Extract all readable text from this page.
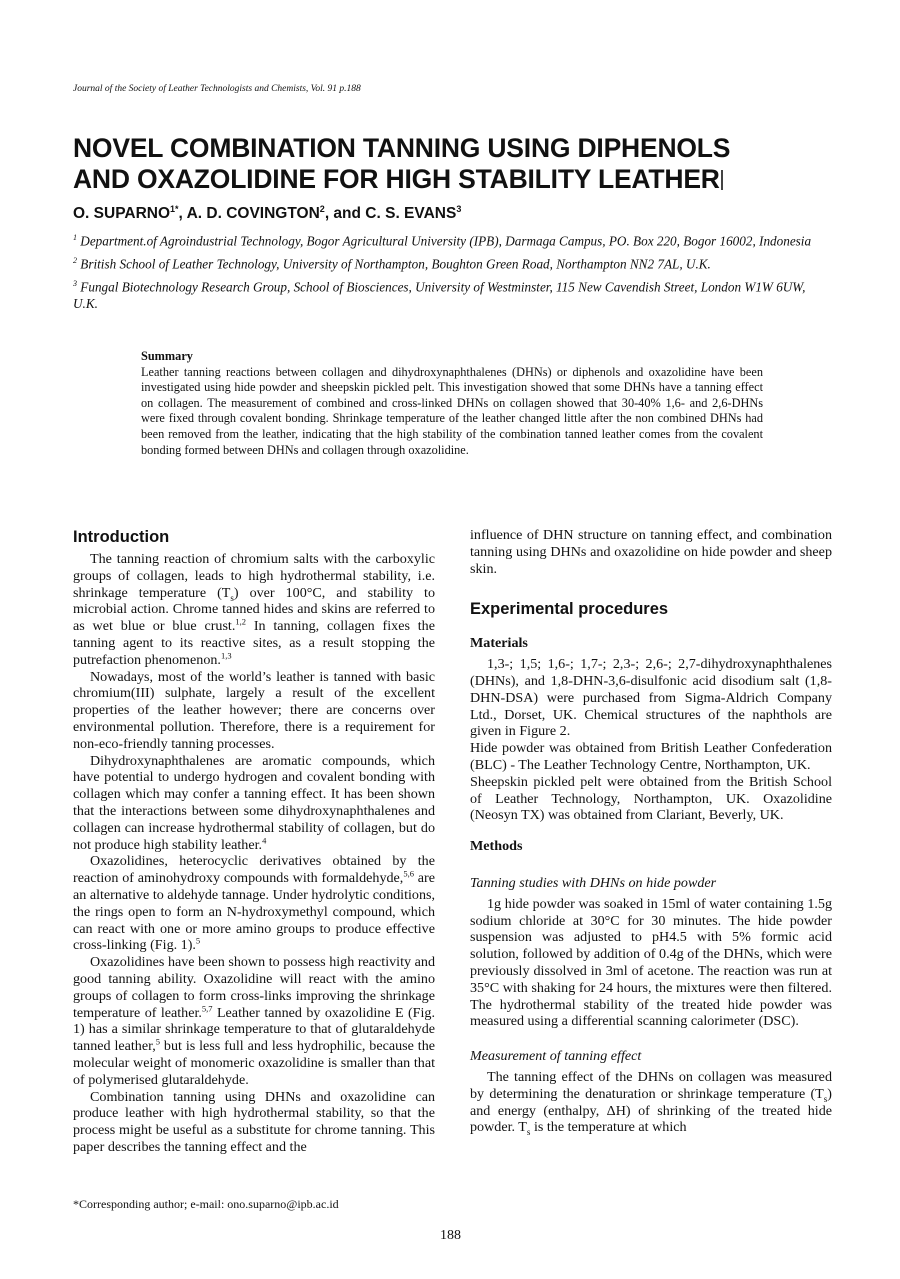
Journal of the Society of Leather Technologists and Chemists, Vol. 91 p.188
NOVEL COMBINATION TANNING USING DIPHENOLS
AND OXAZOLIDINE FOR HIGH STABILITY LEATHER
O. $SUPARNO^{1*}$, A. D. COVINGTON$^2$, and C. S. EVANS$^3$

$^1$ Department.of Agroindustrial Technology, Bogor Agricultural University (IPB), Darmaga Campus, PO. Box 220, Bogor 16002, Indonesia

$^2$ British School of Leather Technology, University of Northampton, Boughton Green Road, Northampton NN2 7AL, U.K.

$^3$ Fungal Biotechnology Research Group, School of Biosciences, University of Westminster, 115 New Cavendish Street, London W1W 6UW, U.K.

Summary
Leather tanning reactions between collagen and dihydroxynaphthalenes (DHNs) or diphenols and oxazolidine have been investigated using hide powder and sheepskin pickled pelt. This investigation showed that some DHNs have a tanning effect on collagen. The measurement of combined and cross-linked DHNs on collagen showed that 30-40% 1,6- and 2,6-DHNs were fixed through covalent bonding. Shrinkage temperature of the leather changed little after the non combined DHNs had been removed from the leather, indicating that the high stability of the combination tanned leather comes from the covalent bonding formed between DHNs and collagen through oxazolidine.
Introduction

The tanning reaction of chromium salts with the carboxylic groups of collagen, leads to high hydrothermal stability, i.e. shrinkage temperature $(T_s)$ over 100°C, and stability to microbial action. Chrome tanned hides and skins are referred to as wet blue or blue crust.$^{1,2}$ In tanning, collagen fixes the tanning agent to its reactive sites, as a result stopping the putrefaction phenomenon.$^{1,3}$

Nowadays, most of the world’s leather is tanned with basic chromium(III) sulphate, largely a result of the excellent properties of the leather however; there are concerns over environmental pollution. Therefore, there is a requirement for non-eco-friendly tanning processes.

Dihydroxynaphthalenes are aromatic compounds, which have potential to undergo hydrogen and covalent bonding with collagen which may confer a tanning effect. It has been shown that the interactions between some dihydroxynaphthalenes and collagen can increase hydrothermal stability of collagen, but do not produce high stability leather.$^4$

Oxazolidines, heterocyclic derivatives obtained by the reaction of aminohydroxy compounds with formaldehyde,$^{5,6}$ are an alternative to aldehyde tannage. Under hydrolytic conditions, the rings open to form an N-hydroxymethyl compound, which can react with one or more amino groups to produce effective cross-linking (Fig. 1).$^5$

Oxazolidines have been shown to possess high reactivity and good tanning ability. Oxazolidine will react with the amino groups of collagen to form cross-links improving the shrinkage temperature of leather.$^{5,7}$ Leather tanned by oxazolidine E (Fig. 1) has a similar shrinkage temperature to that of glutaraldehyde tanned leather,$^5$ but is less full and less hydrophilic, because the molecular weight of monomeric oxazolidine is smaller than that of polymerised glutaraldehyde.

Combination tanning using DHNs and oxazolidine can produce leather with high hydrothermal stability, so that the process might be useful as a substitute for chrome tanning. This paper describes the tanning effect and the

influence of DHN structure on tanning effect, and combination tanning using DHNs and oxazolidine on hide powder and sheep skin.

Experimental procedures
Materials

1,3-; 1,5; 1,6-; 1,7-; 2,3-; 2,6-; 2,7-dihydroxynaphthalenes (DHNs), and 1,8-DHN-3,6-disulfonic acid disodium salt (1,8-DHN-DSA) were purchased from Sigma-Aldrich Company Ltd., Dorset, UK. Chemical structures of the naphthols are given in Figure 2.

Hide powder was obtained from British Leather Confederation (BLC) - The Leather Technology Centre, Northampton, UK.

Sheepskin pickled pelt were obtained from the British School of Leather Technology, Northampton, UK. Oxazolidine (Neosyn TX) was obtained from Clariant, Beverly, UK.

Methods
Tanning studies with DHNs on hide powder

1g hide powder was soaked in 15ml of water containing 1.5g sodium chloride at 30°C for 30 minutes. The hide powder suspension was adjusted to pH4.5 with 5% formic acid solution, followed by addition of 0.4g of the DHNs, which were previously dissolved in 3ml of acetone. The reaction was run at 35°C with shaking for 24 hours, the mixtures were then filtered. The hydrothermal stability of the treated hide powder was measured using a differential scanning calorimeter (DSC).

Measurement of tanning effect

The tanning effect of the DHNs on collagen was measured by determining the denaturation or shrinkage temperature $(T_s)$ and energy (enthalpy, ΔH) of shrinking of the treated hide powder. $T_s$ is the temperature at which

*Corresponding author; e-mail: ono.suparno@ipb.ac.id
188
